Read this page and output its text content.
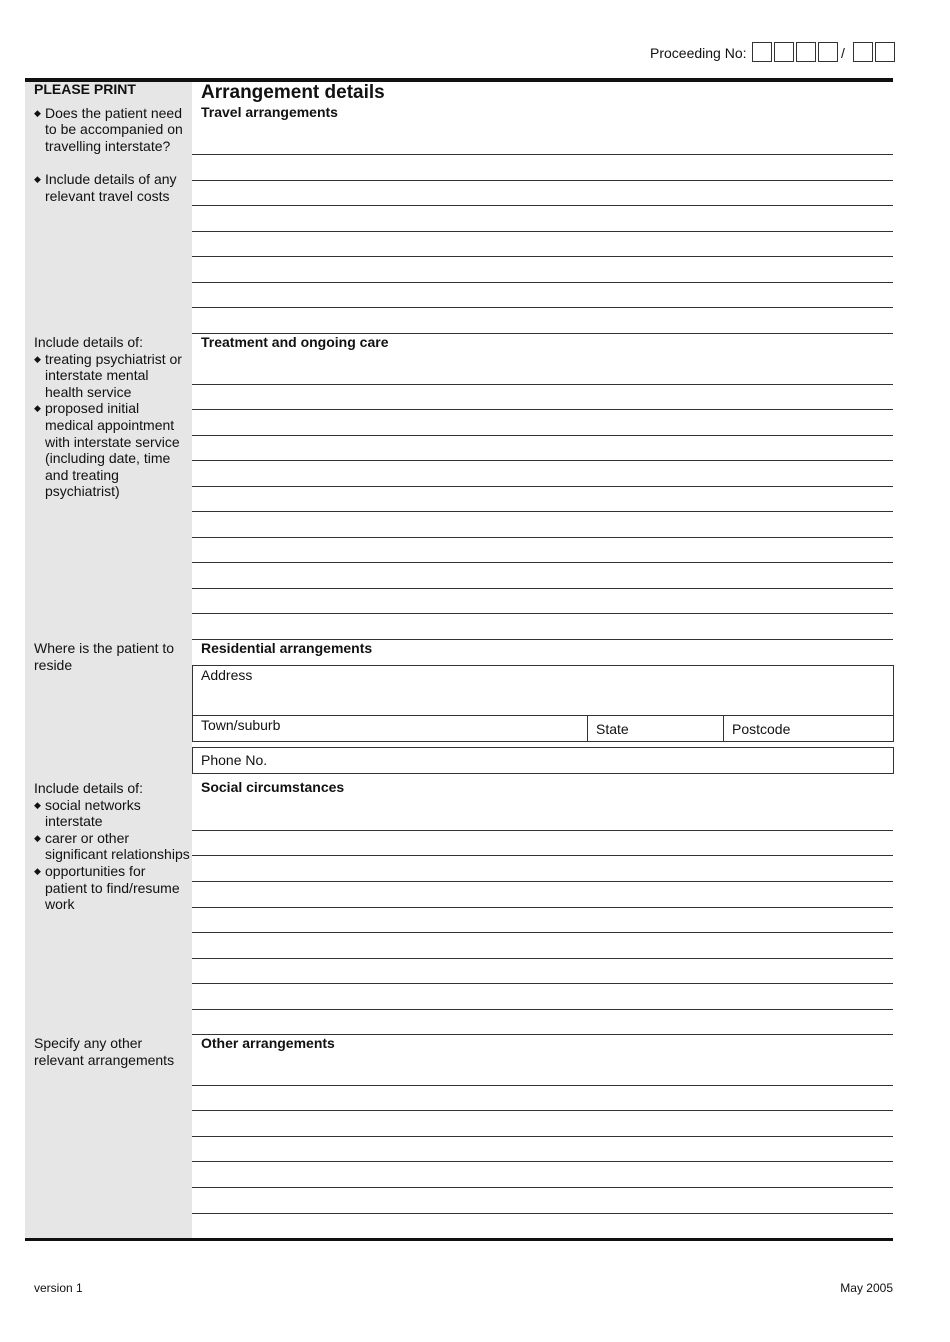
Proceeding No:	/
PLEASE PRINT
◆ Does the patient need to be accompanied on travelling interstate?
◆ Include details of any relevant travel costs

Include details of:

◆ treating psychiatrist or interstate mental health service
◆ proposed initial medical appointment with interstate service (including date, time and treating psychiatrist)

Where is the patient to reside

Include details of:

◆ social networks interstate
◆ carer or other significant relationships
◆ opportunities for patient to find/resume work

Specify any other relevant arrangements

Arrangement details
Travel arrangements
Treatment and ongoing care
Residential arrangements
Address
Town/suburb	State	Postcode
Phone No.
Social circumstances
Other arrangements
version 1	May 2005
